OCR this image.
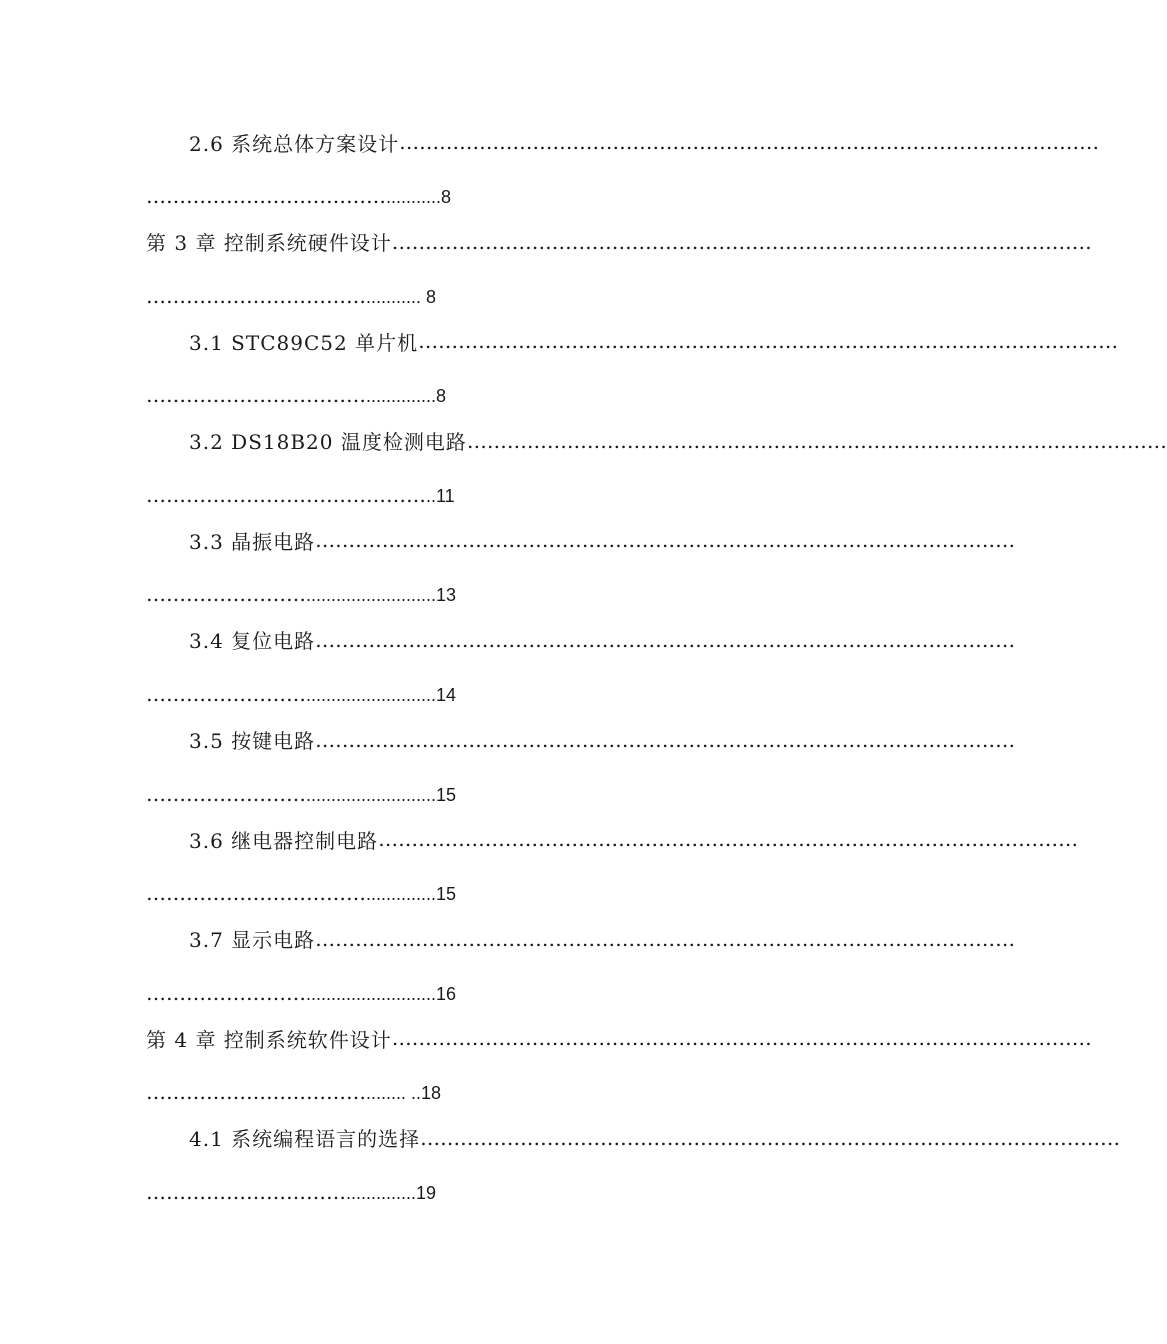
2.6 系统总体方案设计 ……………………………………………………………………………………………
……………………………… ...........8
第 3 章 控制系统硬件设计 ……………………………………………………………………………………………
…………………………… ........... 8
3.1 STC89C52 单片机 ……………………………………………………………………………………………
…………………………… ..............8
3.2 DS18B20 温度检测电路 ……………………………………………………………………………………………
…………………………………… ..11
3.3 晶振电路 ……………………………………………………………………………………………
…………………… ..........................13
3.4 复位电路 ……………………………………………………………………………………………
…………………… ..........................14
3.5 按键电路 ……………………………………………………………………………………………
…………………… ..........................15
3.6 继电器控制电路 ……………………………………………………………………………………………
…………………………… ..............15
3.7 显示电路 ……………………………………………………………………………………………
…………………… ..........................16
第 4 章 控制系统软件设计 ……………………………………………………………………………………………
…………………………… ........ ..18
4.1 系统编程语言的选择 ……………………………………………………………………………………………
………………………… ..............19
